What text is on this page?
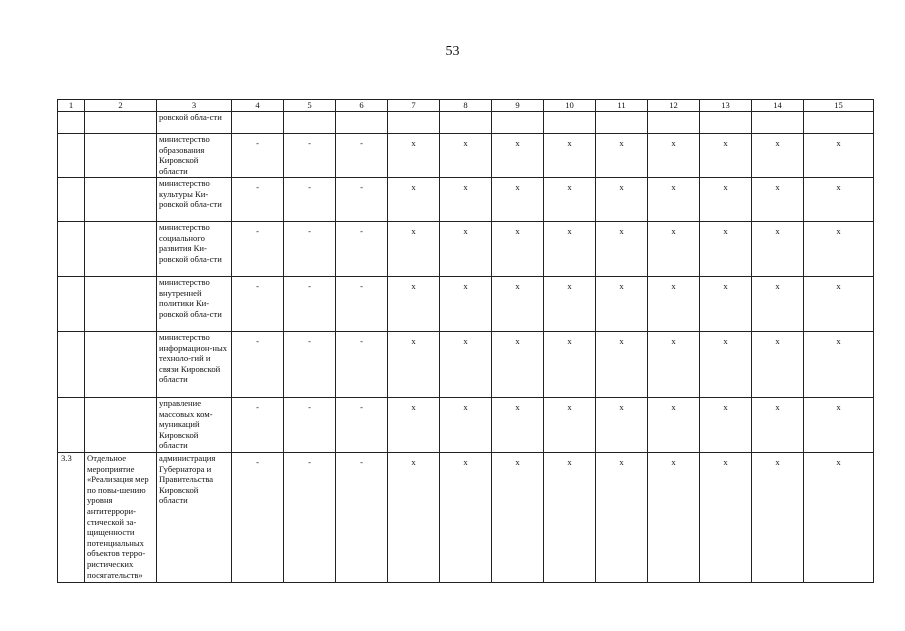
53
1	2	3	4	5	6	7	8	9	10	11	12	13	14	15
		ровской обла-сти												
		министерство образования Кировской области	-	-	-	x	x	x	x	x	x	x	x	x
		министерство культуры Ки-ровской обла-сти	-	-	-	x	x	x	x	x	x	x	x	x
		министерство социального развития Ки-ровской обла-сти	-	-	-	x	x	x	x	x	x	x	x	x
		министерство внутренней политики Ки-ровской обла-сти	-	-	-	x	x	x	x	x	x	x	x	x
		министерство информацион-ных техноло-гий и связи Кировской области	-	-	-	x	x	x	x	x	x	x	x	x
		управление массовых ком-муникаций Кировской области	-	-	-	x	x	x	x	x	x	x	x	x
3.3	Отдельное мероприятие «Реализация мер по повы-шению уровня антитеррори-стической за-щищенности потенциальных объектов терро-ристических посягательств»	администрация Губернатора и Правительства Кировской области	-	-	-	x	x	x	x	x	x	x	x	x
